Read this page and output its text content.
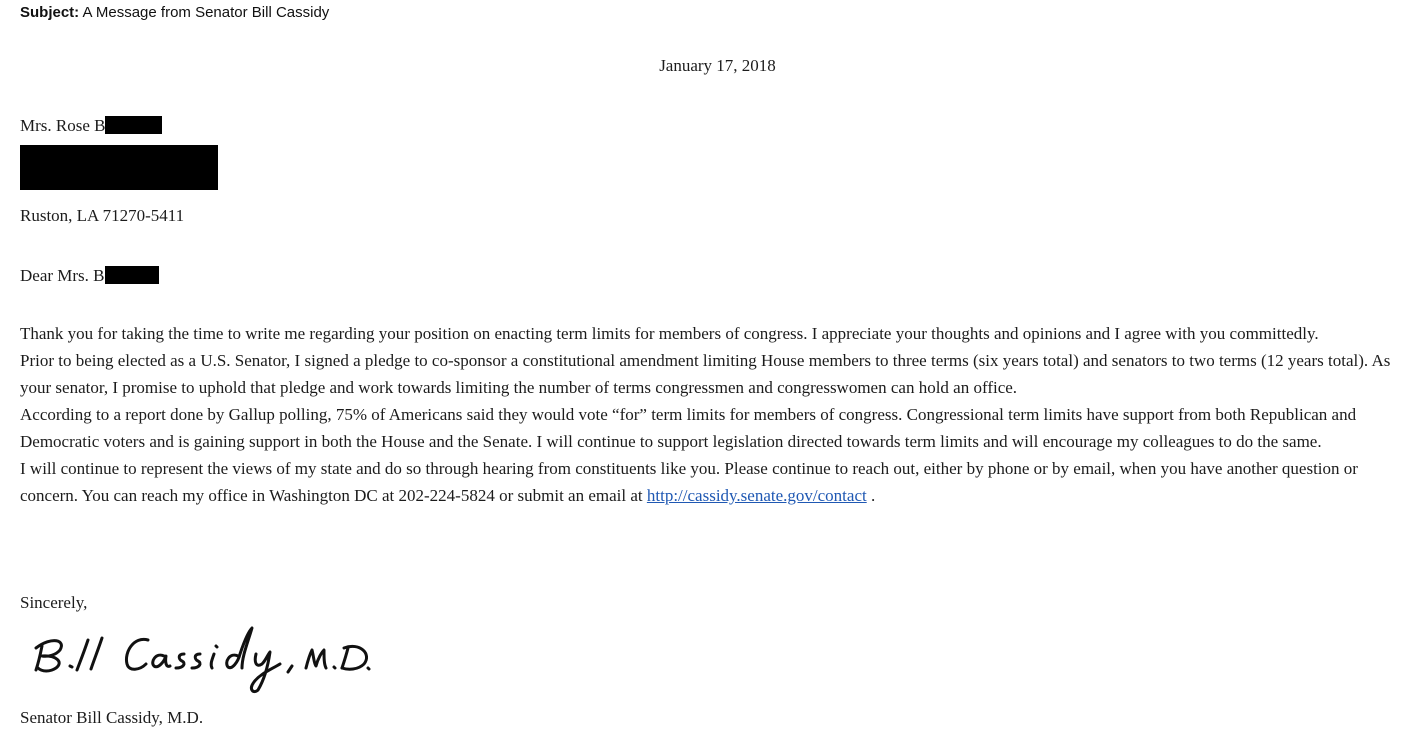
Subject: A Message from Senator Bill Cassidy
January 17, 2018
Mrs. Rose B
Ruston, LA 71270-5411
Dear Mrs. B

Thank you for taking the time to write me regarding your position on enacting term limits for members of congress. I appreciate your thoughts and opinions and I agree with you committedly.

Prior to being elected as a U.S. Senator, I signed a pledge to co-sponsor a constitutional amendment limiting House members to three terms (six years total) and senators to two terms (12 years total). As your senator, I promise to uphold that pledge and work towards limiting the number of terms congressmen and congresswomen can hold an office.

According to a report done by Gallup polling, 75% of Americans said they would vote “for” term limits for members of congress. Congressional term limits have support from both Republican and Democratic voters and is gaining support in both the House and the Senate. I will continue to support legislation directed towards term limits and will encourage my colleagues to do the same.

I will continue to represent the views of my state and do so through hearing from constituents like you. Please continue to reach out, either by phone or by email, when you have another question or concern. You can reach my office in Washington DC at 202-224-5824 or submit an email at http://cassidy.senate.gov/contact .

Sincerely,
Senator Bill Cassidy, M.D.
